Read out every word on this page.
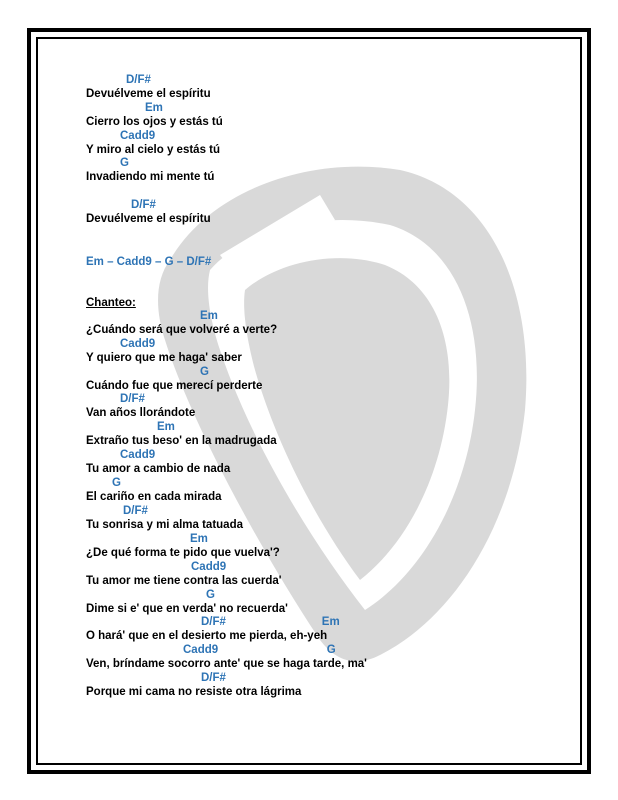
D/F#
Devuélveme el espíritu
Em
Cierro los ojos y estás tú
Cadd9
Y miro al cielo y estás tú
G
Invadiendo mi mente tú
D/F#
Devuélveme el espíritu
Em – Cadd9 – G – D/F#
Chanteo:
Em
¿Cuándo será que volveré a verte?
Cadd9
Y quiero que me haga' saber
G
Cuándo fue que merecí perderte
D/F#
Van años llorándote
Em
Extraño tus beso' en la madrugada
Cadd9
Tu amor a cambio de nada
G
El cariño en cada mirada
D/F#
Tu sonrisa y mi alma tatuada
Em
¿De qué forma te pido que vuelva'?
Cadd9
Tu amor me tiene contra las cuerda'
G
Dime si e' que en verda' no recuerda'
D/F#                              Em
O hará' que en el desierto me pierda, eh-yeh
Cadd9                                  G
Ven, bríndame socorro ante' que se haga tarde, ma'
D/F#
Porque mi cama no resiste otra lágrima
